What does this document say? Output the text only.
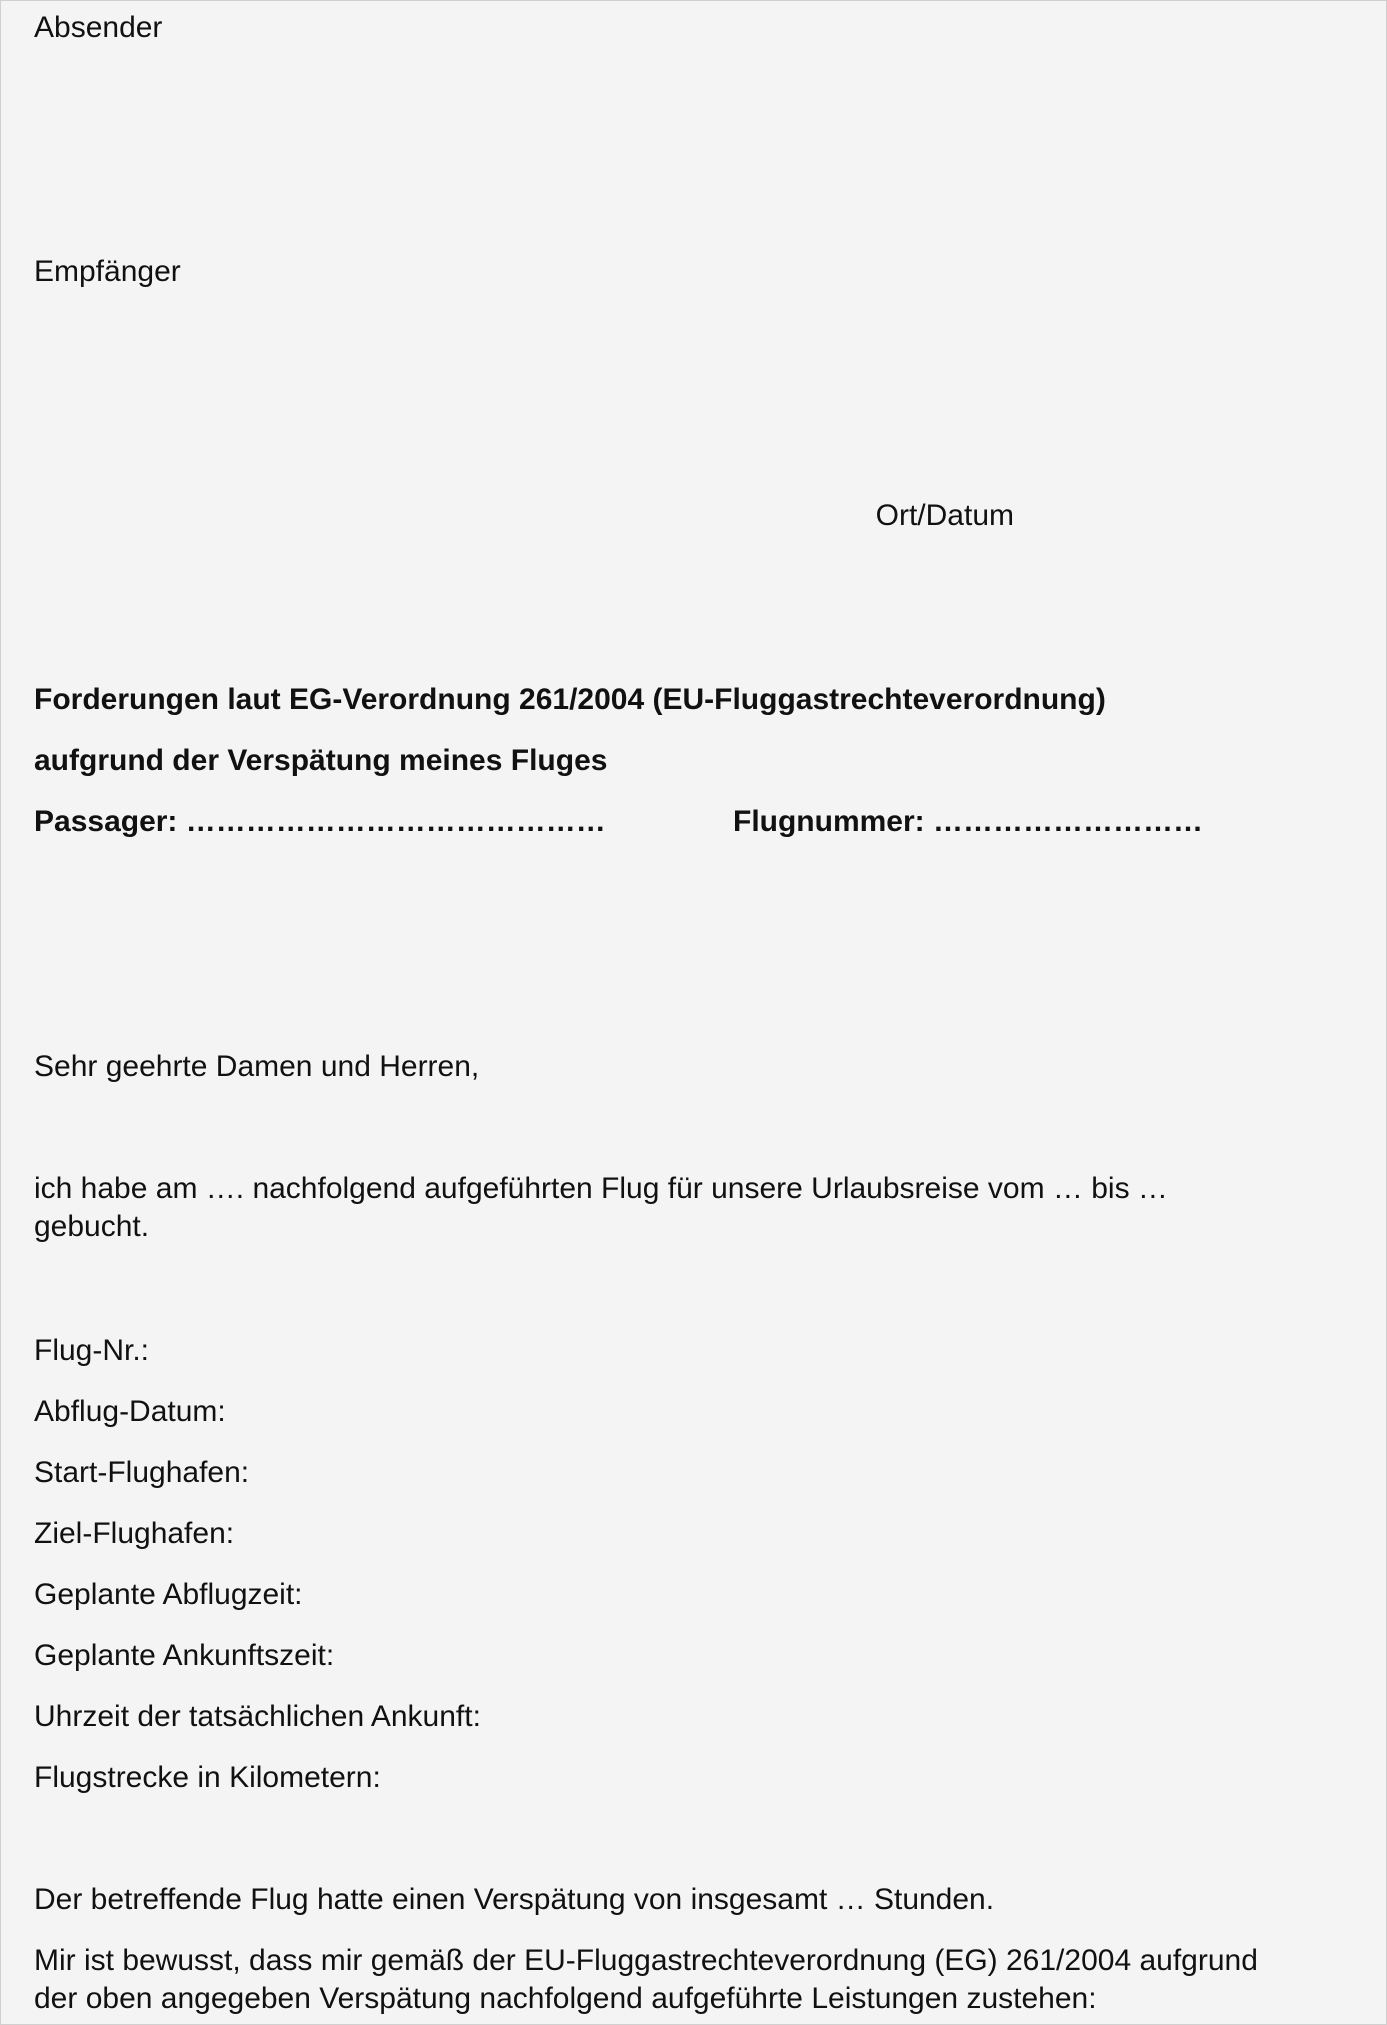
Absender
Empfänger
Ort/Datum
Forderungen laut EG-Verordnung 261/2004 (EU-Fluggastrechteverordnung)
aufgrund der Verspätung meines Fluges
Passager: ……………………………………	Flugnummer: ………………………
Sehr geehrte Damen und Herren,
ich habe am …. nachfolgend aufgeführten Flug für unsere Urlaubsreise vom … bis …
gebucht.
Flug-Nr.:
Abflug-Datum:
Start-Flughafen:
Ziel-Flughafen:
Geplante Abflugzeit:
Geplante Ankunftszeit:
Uhrzeit der tatsächlichen Ankunft:
Flugstrecke in Kilometern:
Der betreffende Flug hatte einen Verspätung von insgesamt … Stunden.
Mir ist bewusst, dass mir gemäß der EU-Fluggastrechteverordnung (EG) 261/2004 aufgrund
der oben angegeben Verspätung nachfolgend aufgeführte Leistungen zustehen:
